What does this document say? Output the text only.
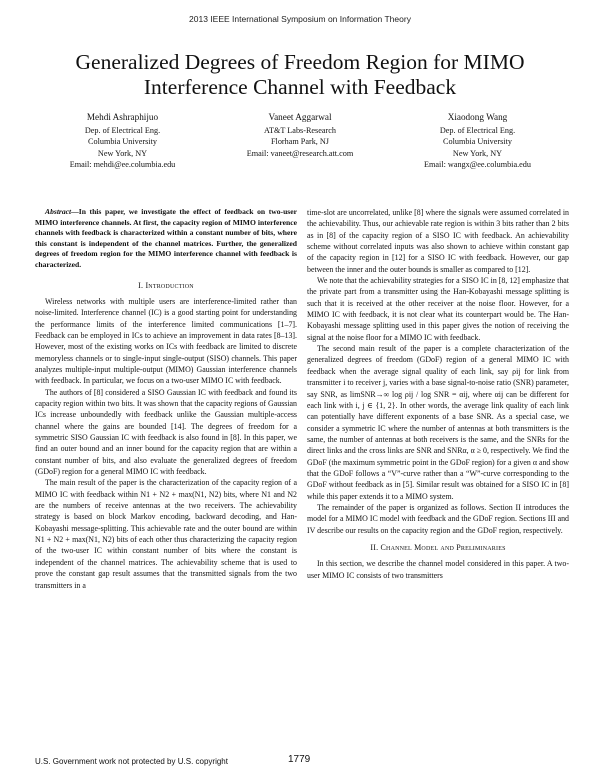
2013 IEEE International Symposium on Information Theory
Generalized Degrees of Freedom Region for MIMO Interference Channel with Feedback
Mehdi Ashraphijuo
Dep. of Electrical Eng.
Columbia University
New York, NY
Email: mehdi@ee.columbia.edu
Vaneet Aggarwal
AT&T Labs-Research
Florham Park, NJ
Email: vaneet@research.att.com
Xiaodong Wang
Dep. of Electrical Eng.
Columbia University
New York, NY
Email: wangx@ee.columbia.edu

Abstract—In this paper, we investigate the effect of feedback on two-user MIMO interference channels. At first, the capacity region of MIMO interference channels with feedback is characterized within a constant number of bits, where this constant is independent of the channel matrices. Further, the generalized degrees of freedom region for the MIMO interference channel with feedback is characterized.

I. Introduction

Wireless networks with multiple users are interference-limited rather than noise-limited. Interference channel (IC) is a good starting point for understanding the performance limits of the interference limited communications [1–7]. Feedback can be employed in ICs to achieve an improvement in data rates [8–13]. However, most of the existing works on ICs with feedback are limited to discrete memoryless channels or to single-input single-output (SISO) channels. This paper analyzes multiple-input multiple-output (MIMO) Gaussian interference channels with feedback. In particular, we focus on a two-user MIMO IC with feedback.

The authors of [8] considered a SISO Gaussian IC with feedback and found its capacity region within two bits. It was shown that the capacity regions of Gaussian ICs increase unboundedly with feedback unlike the Gaussian multiple-access channel where the gains are bounded [14]. The degrees of freedom for a symmetric SISO Gaussian IC with feedback is also found in [8]. In this paper, we find an outer bound and an inner bound for the capacity region that are within a constant number of bits, and also evaluate the generalized degrees of freedom (GDoF) region for a general MIMO IC with feedback.

The main result of the paper is the characterization of the capacity region of a MIMO IC with feedback within N1 + N2 + max(N1, N2) bits, where N1 and N2 are the numbers of receive antennas at the two receivers. The achievability strategy is based on block Markov encoding, backward decoding, and Han-Kobayashi message-splitting. This achievable rate and the outer bound are within N1 + N2 + max(N1, N2) bits of each other thus characterizing the capacity region of the two-user IC within constant number of bits where the constant is independent of the channel matrices. The achievability scheme that is used to prove the constant gap result assumes that the transmitted signals from the two transmitters in a

time-slot are uncorrelated, unlike [8] where the signals were assumed correlated in the achievability. Thus, our achievable rate region is within 3 bits rather than 2 bits as in [8] of the capacity region of a SISO IC with feedback. An achievability scheme without correlated inputs was also shown to achieve within constant gap of the capacity region in [12] for a SISO IC with feedback. However, our gap between the inner and the outer bounds is smaller as compared to [12].

We note that the achievability strategies for a SISO IC in [8, 12] emphasize that the private part from a transmitter using the Han-Kobayashi message splitting is such that it is received at the other receiver at the noise floor. However, for a MIMO IC with feedback, it is not clear what its counterpart would be. The Han-Kobayashi message splitting used in this paper gives the notion of receiving the signal at the noise floor for a MIMO IC with feedback.

The second main result of the paper is a complete characterization of the generalized degrees of freedom (GDoF) region of a general MIMO IC with feedback when the average signal quality of each link, say ρij for link from transmitter i to receiver j, varies with a base signal-to-noise ratio (SNR) parameter, say SNR, as limSNR→∞ log ρij / log SNR = αij, where αij can be different for each link with i, j ∈ {1, 2}. In other words, the average link quality of each link can potentially have different exponents of a base SNR. As a special case, we consider a symmetric IC where the number of antennas at both transmitters is the same, the number of antennas at both receivers is the same, and the SNRs for the direct links and the cross links are SNR and SNRα, α ≥ 0, respectively. We find the GDoF (the maximum symmetric point in the GDoF region) for a given α and show that the GDoF follows a “V”-curve rather than a “W”-curve corresponding to the GDoF without feedback as in [5]. Similar result was obtained for a SISO IC in [8] while this paper extends it to a MIMO system.

The remainder of the paper is organized as follows. Section II introduces the model for a MIMO IC model with feedback and the GDoF region. Sections III and IV describe our results on the capacity region and the GDoF region, respectively.

II. Channel Model and Preliminaries

In this section, we describe the channel model considered in this paper. A two-user MIMO IC consists of two transmitters

U.S. Government work not protected by U.S. copyright	1779
